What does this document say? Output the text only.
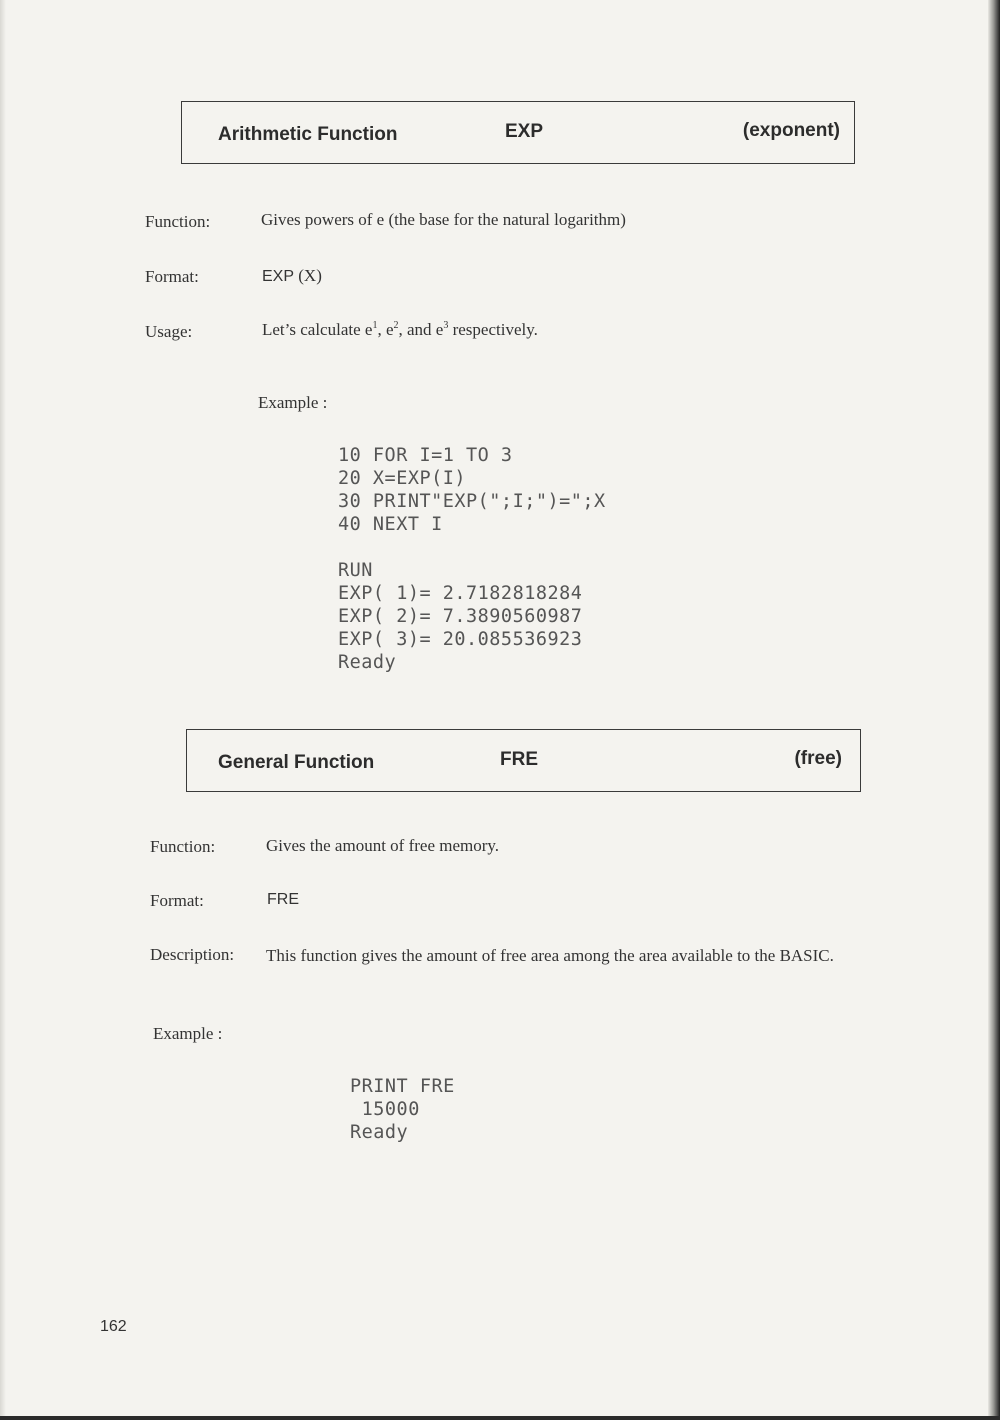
Arithmetic Function	EXP	(exponent)
Function:	Gives powers of e (the base for the natural logarithm)
Format:	EXP (X)
Usage:	Let’s calculate $e^1$, $e^2$, and $e^3$ respectively.
Example :
10 FOR I=1 TO 3
20 X=EXP(I)
30 PRINT"EXP(";I;")=";X
40 NEXT I

RUN
EXP( 1)= 2.7182818284
EXP( 2)= 7.3890560987
EXP( 3)= 20.085536923
Ready
General Function	FRE	(free)
Function:	Gives the amount of free memory.
Format:	FRE
Description: This function gives the amount of free area among the area available to the BASIC.
Example :
PRINT FRE
15000
Ready
162
